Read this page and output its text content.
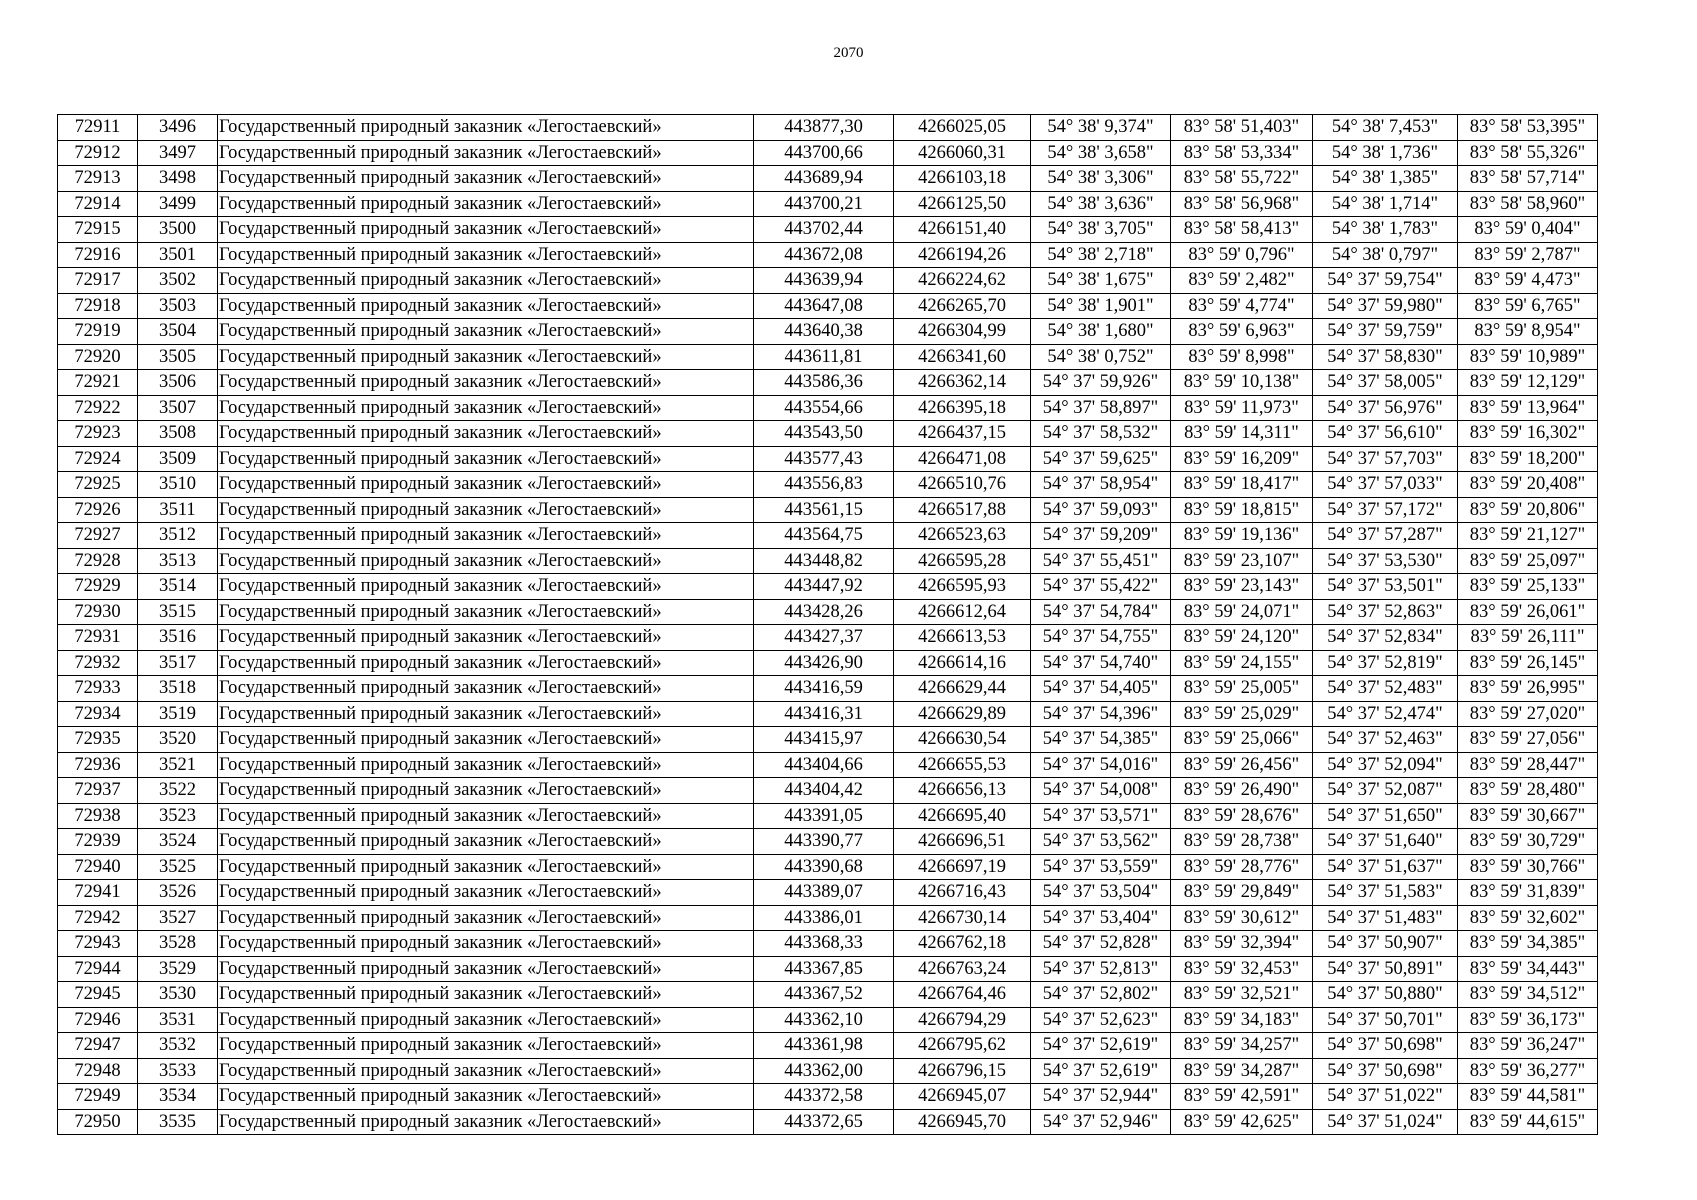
2070
72911	3496	Государственный природный заказник «Легостаевский»	443877,30	4266025,05	54° 38' 9,374"	83° 58' 51,403"	54° 38' 7,453"	83° 58' 53,395"
72912	3497	Государственный природный заказник «Легостаевский»	443700,66	4266060,31	54° 38' 3,658"	83° 58' 53,334"	54° 38' 1,736"	83° 58' 55,326"
72913	3498	Государственный природный заказник «Легостаевский»	443689,94	4266103,18	54° 38' 3,306"	83° 58' 55,722"	54° 38' 1,385"	83° 58' 57,714"
72914	3499	Государственный природный заказник «Легостаевский»	443700,21	4266125,50	54° 38' 3,636"	83° 58' 56,968"	54° 38' 1,714"	83° 58' 58,960"
72915	3500	Государственный природный заказник «Легостаевский»	443702,44	4266151,40	54° 38' 3,705"	83° 58' 58,413"	54° 38' 1,783"	83° 59' 0,404"
72916	3501	Государственный природный заказник «Легостаевский»	443672,08	4266194,26	54° 38' 2,718"	83° 59' 0,796"	54° 38' 0,797"	83° 59' 2,787"
72917	3502	Государственный природный заказник «Легостаевский»	443639,94	4266224,62	54° 38' 1,675"	83° 59' 2,482"	54° 37' 59,754"	83° 59' 4,473"
72918	3503	Государственный природный заказник «Легостаевский»	443647,08	4266265,70	54° 38' 1,901"	83° 59' 4,774"	54° 37' 59,980"	83° 59' 6,765"
72919	3504	Государственный природный заказник «Легостаевский»	443640,38	4266304,99	54° 38' 1,680"	83° 59' 6,963"	54° 37' 59,759"	83° 59' 8,954"
72920	3505	Государственный природный заказник «Легостаевский»	443611,81	4266341,60	54° 38' 0,752"	83° 59' 8,998"	54° 37' 58,830"	83° 59' 10,989"
72921	3506	Государственный природный заказник «Легостаевский»	443586,36	4266362,14	54° 37' 59,926"	83° 59' 10,138"	54° 37' 58,005"	83° 59' 12,129"
72922	3507	Государственный природный заказник «Легостаевский»	443554,66	4266395,18	54° 37' 58,897"	83° 59' 11,973"	54° 37' 56,976"	83° 59' 13,964"
72923	3508	Государственный природный заказник «Легостаевский»	443543,50	4266437,15	54° 37' 58,532"	83° 59' 14,311"	54° 37' 56,610"	83° 59' 16,302"
72924	3509	Государственный природный заказник «Легостаевский»	443577,43	4266471,08	54° 37' 59,625"	83° 59' 16,209"	54° 37' 57,703"	83° 59' 18,200"
72925	3510	Государственный природный заказник «Легостаевский»	443556,83	4266510,76	54° 37' 58,954"	83° 59' 18,417"	54° 37' 57,033"	83° 59' 20,408"
72926	3511	Государственный природный заказник «Легостаевский»	443561,15	4266517,88	54° 37' 59,093"	83° 59' 18,815"	54° 37' 57,172"	83° 59' 20,806"
72927	3512	Государственный природный заказник «Легостаевский»	443564,75	4266523,63	54° 37' 59,209"	83° 59' 19,136"	54° 37' 57,287"	83° 59' 21,127"
72928	3513	Государственный природный заказник «Легостаевский»	443448,82	4266595,28	54° 37' 55,451"	83° 59' 23,107"	54° 37' 53,530"	83° 59' 25,097"
72929	3514	Государственный природный заказник «Легостаевский»	443447,92	4266595,93	54° 37' 55,422"	83° 59' 23,143"	54° 37' 53,501"	83° 59' 25,133"
72930	3515	Государственный природный заказник «Легостаевский»	443428,26	4266612,64	54° 37' 54,784"	83° 59' 24,071"	54° 37' 52,863"	83° 59' 26,061"
72931	3516	Государственный природный заказник «Легостаевский»	443427,37	4266613,53	54° 37' 54,755"	83° 59' 24,120"	54° 37' 52,834"	83° 59' 26,111"
72932	3517	Государственный природный заказник «Легостаевский»	443426,90	4266614,16	54° 37' 54,740"	83° 59' 24,155"	54° 37' 52,819"	83° 59' 26,145"
72933	3518	Государственный природный заказник «Легостаевский»	443416,59	4266629,44	54° 37' 54,405"	83° 59' 25,005"	54° 37' 52,483"	83° 59' 26,995"
72934	3519	Государственный природный заказник «Легостаевский»	443416,31	4266629,89	54° 37' 54,396"	83° 59' 25,029"	54° 37' 52,474"	83° 59' 27,020"
72935	3520	Государственный природный заказник «Легостаевский»	443415,97	4266630,54	54° 37' 54,385"	83° 59' 25,066"	54° 37' 52,463"	83° 59' 27,056"
72936	3521	Государственный природный заказник «Легостаевский»	443404,66	4266655,53	54° 37' 54,016"	83° 59' 26,456"	54° 37' 52,094"	83° 59' 28,447"
72937	3522	Государственный природный заказник «Легостаевский»	443404,42	4266656,13	54° 37' 54,008"	83° 59' 26,490"	54° 37' 52,087"	83° 59' 28,480"
72938	3523	Государственный природный заказник «Легостаевский»	443391,05	4266695,40	54° 37' 53,571"	83° 59' 28,676"	54° 37' 51,650"	83° 59' 30,667"
72939	3524	Государственный природный заказник «Легостаевский»	443390,77	4266696,51	54° 37' 53,562"	83° 59' 28,738"	54° 37' 51,640"	83° 59' 30,729"
72940	3525	Государственный природный заказник «Легостаевский»	443390,68	4266697,19	54° 37' 53,559"	83° 59' 28,776"	54° 37' 51,637"	83° 59' 30,766"
72941	3526	Государственный природный заказник «Легостаевский»	443389,07	4266716,43	54° 37' 53,504"	83° 59' 29,849"	54° 37' 51,583"	83° 59' 31,839"
72942	3527	Государственный природный заказник «Легостаевский»	443386,01	4266730,14	54° 37' 53,404"	83° 59' 30,612"	54° 37' 51,483"	83° 59' 32,602"
72943	3528	Государственный природный заказник «Легостаевский»	443368,33	4266762,18	54° 37' 52,828"	83° 59' 32,394"	54° 37' 50,907"	83° 59' 34,385"
72944	3529	Государственный природный заказник «Легостаевский»	443367,85	4266763,24	54° 37' 52,813"	83° 59' 32,453"	54° 37' 50,891"	83° 59' 34,443"
72945	3530	Государственный природный заказник «Легостаевский»	443367,52	4266764,46	54° 37' 52,802"	83° 59' 32,521"	54° 37' 50,880"	83° 59' 34,512"
72946	3531	Государственный природный заказник «Легостаевский»	443362,10	4266794,29	54° 37' 52,623"	83° 59' 34,183"	54° 37' 50,701"	83° 59' 36,173"
72947	3532	Государственный природный заказник «Легостаевский»	443361,98	4266795,62	54° 37' 52,619"	83° 59' 34,257"	54° 37' 50,698"	83° 59' 36,247"
72948	3533	Государственный природный заказник «Легостаевский»	443362,00	4266796,15	54° 37' 52,619"	83° 59' 34,287"	54° 37' 50,698"	83° 59' 36,277"
72949	3534	Государственный природный заказник «Легостаевский»	443372,58	4266945,07	54° 37' 52,944"	83° 59' 42,591"	54° 37' 51,022"	83° 59' 44,581"
72950	3535	Государственный природный заказник «Легостаевский»	443372,65	4266945,70	54° 37' 52,946"	83° 59' 42,625"	54° 37' 51,024"	83° 59' 44,615"
